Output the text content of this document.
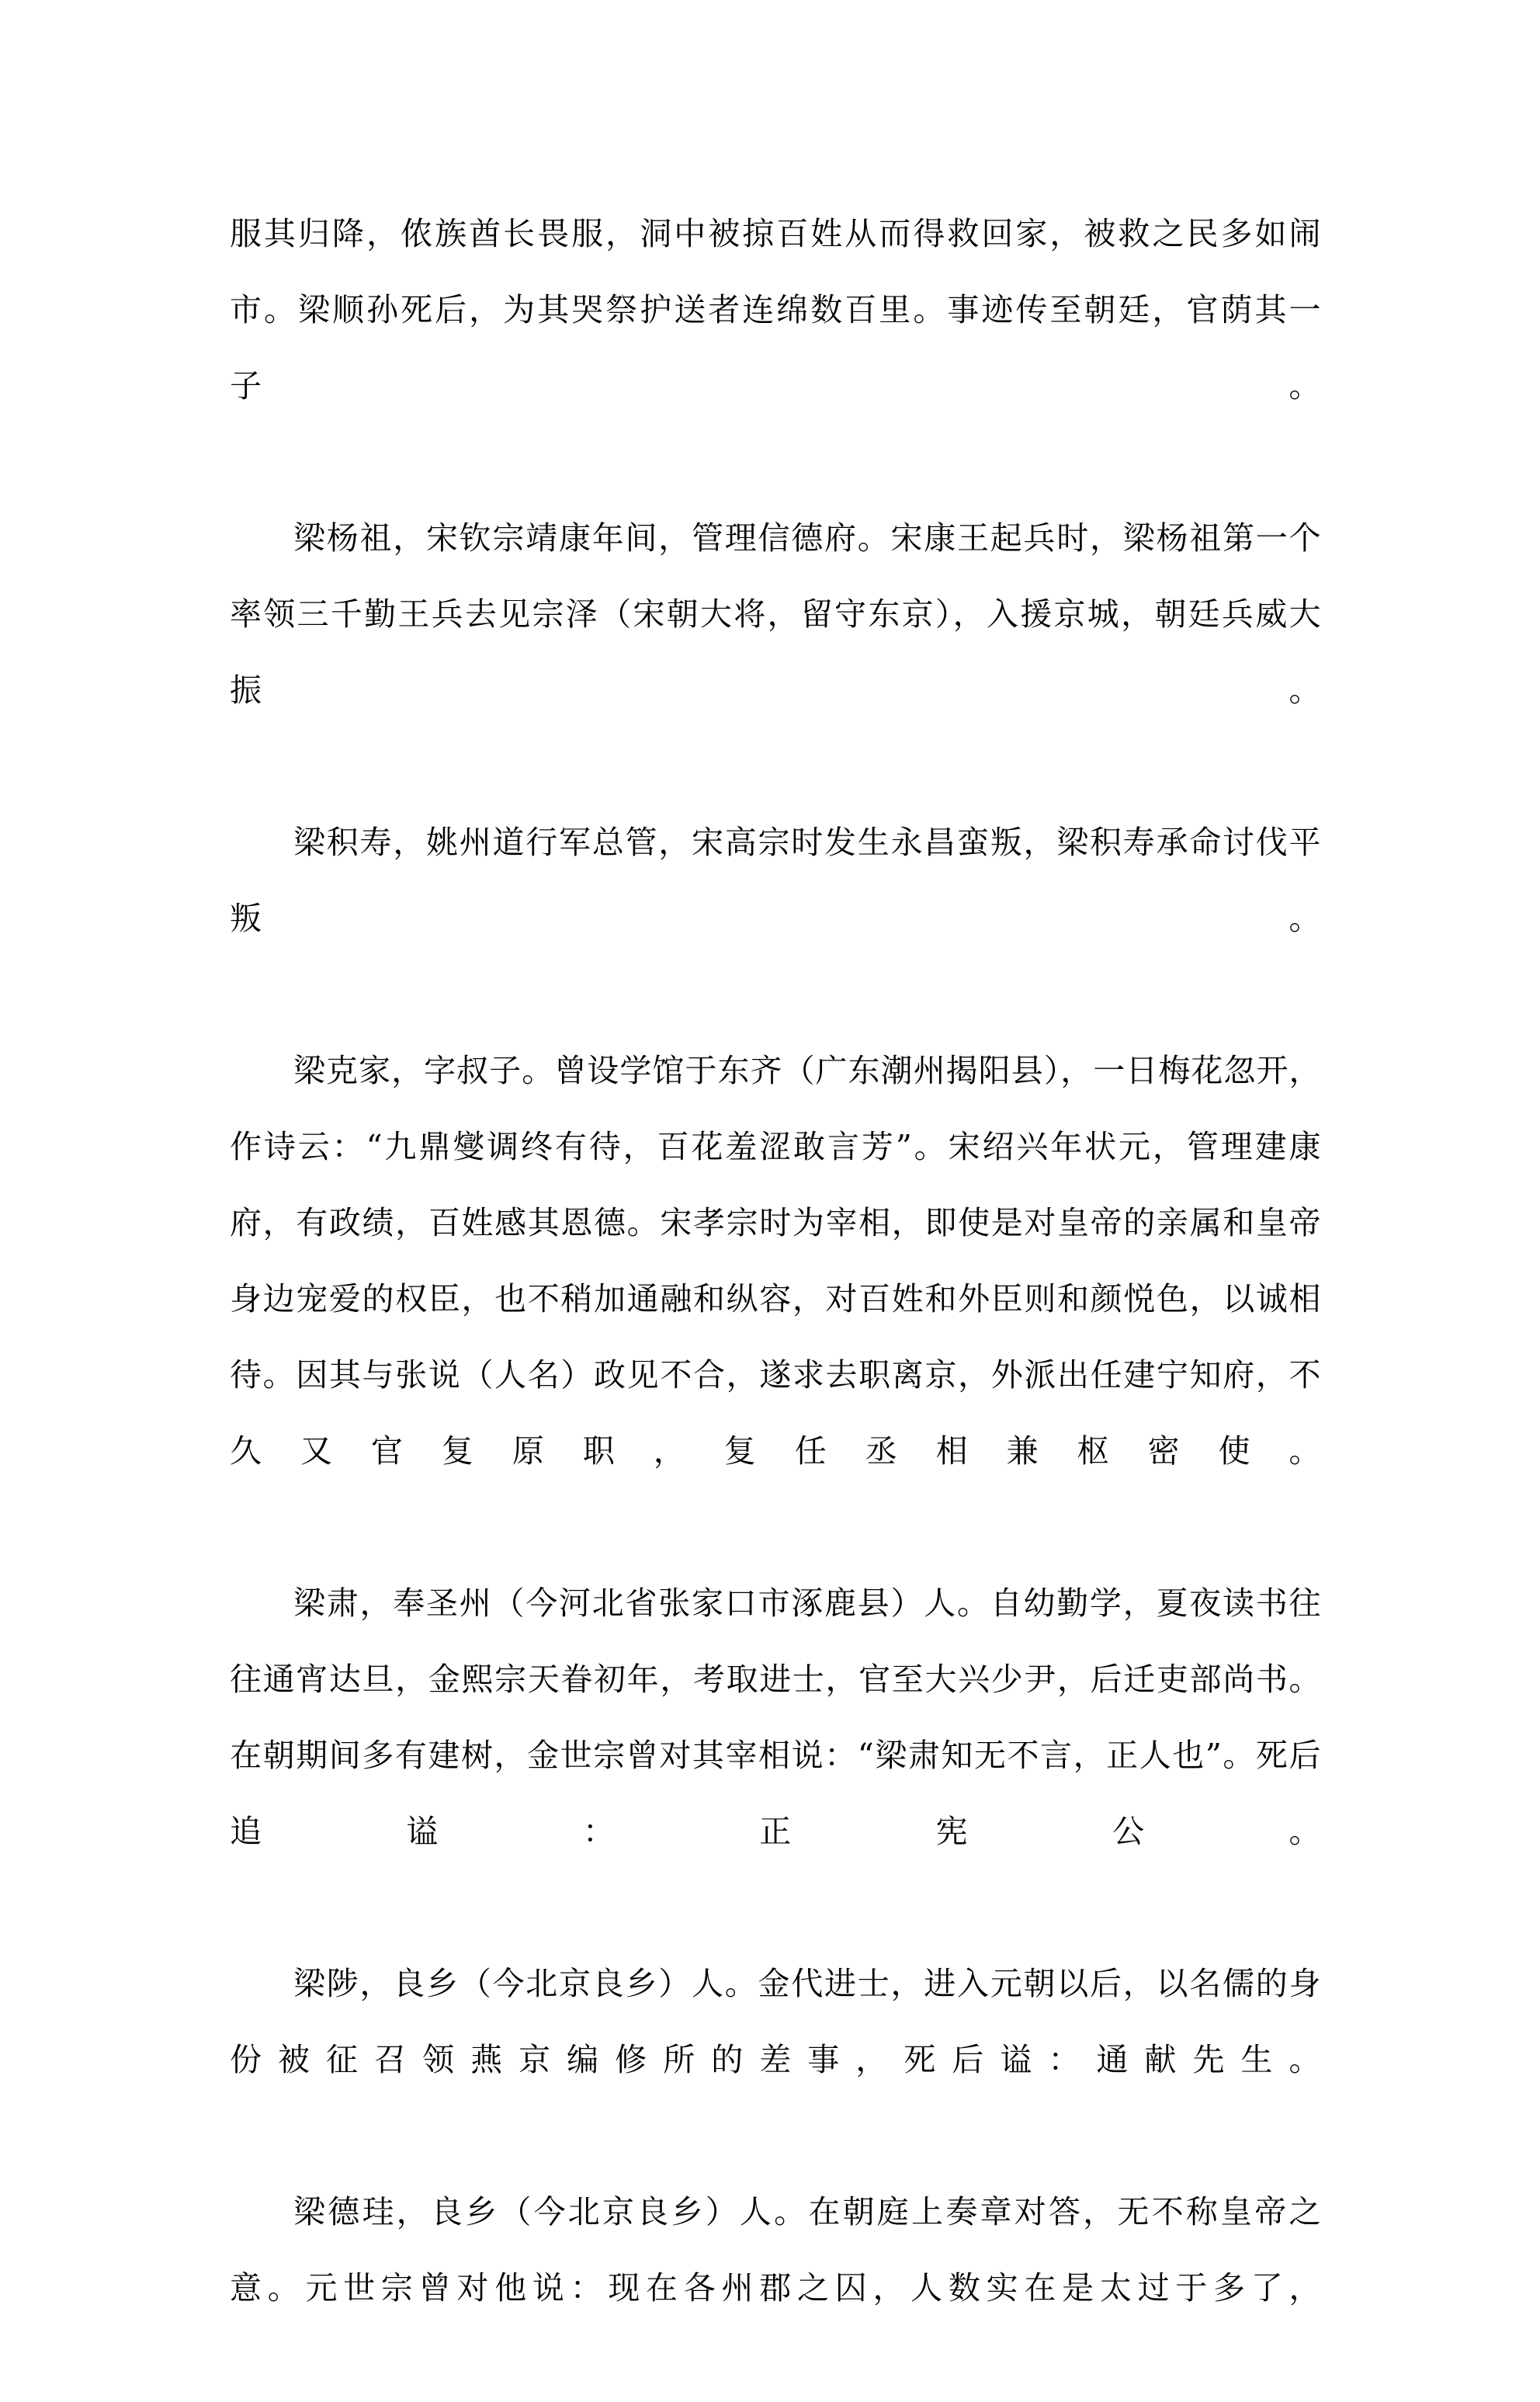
服其归降，侬族酋长畏服，洞中被掠百姓从而得救回家，被救之民多如闹市。梁顺孙死后，为其哭祭护送者连绵数百里。事迹传至朝廷，官荫其一子。

梁杨祖，宋钦宗靖康年间，管理信德府。宋康王起兵时，梁杨祖第一个率领三千勤王兵去见宗泽（宋朝大将，留守东京），入援京城，朝廷兵威大振。

梁积寿，姚州道行军总管，宋高宗时发生永昌蛮叛，梁积寿承命讨伐平叛。

梁克家，字叔子。曾设学馆于东齐（广东潮州揭阳县），一日梅花忽开，作诗云：“九鼎燮调终有待，百花羞涩敢言芳”。宋绍兴年状元，管理建康府，有政绩，百姓感其恩德。宋孝宗时为宰相，即使是对皇帝的亲属和皇帝身边宠爱的权臣，也不稍加通融和纵容，对百姓和外臣则和颜悦色，以诚相待。因其与张说（人名）政见不合，遂求去职离京，外派出任建宁知府，不久又官复原职，复任丞相兼枢密使。

梁肃，奉圣州（今河北省张家口市涿鹿县）人。自幼勤学，夏夜读书往往通宵达旦，金熙宗天眷初年，考取进士，官至大兴少尹，后迁吏部尚书。在朝期间多有建树，金世宗曾对其宰相说：“梁肃知无不言，正人也”。死后追谥：正宪公。

梁陟，良乡（今北京良乡）人。金代进士，进入元朝以后，以名儒的身份被征召领燕京编修所的差事，死后谥：通献先生。

梁德珪，良乡（今北京良乡）人。在朝庭上奏章对答，无不称皇帝之意。元世宗曾对他说：现在各州郡之囚，人数实在是太过于多了，
